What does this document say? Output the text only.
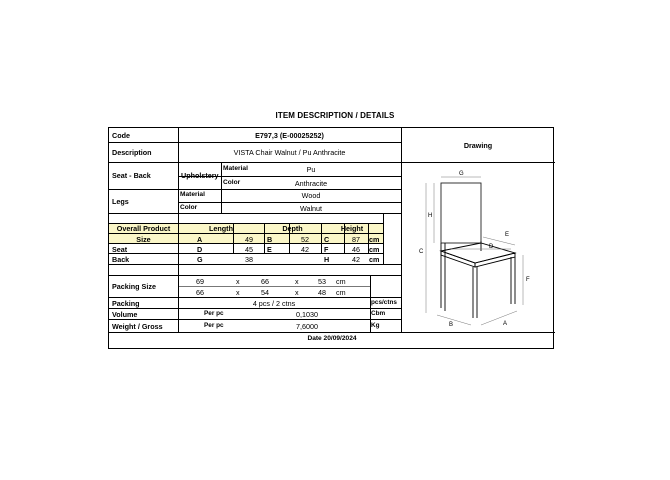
ITEM DESCRIPTION / DETAILS
Code	E797,3 (E-00025252)
Description	VISTA Chair Walnut / Pu Anthracite
Seat - Back	Upholstery
Material	Pu
Color	Anthracite
Legs
Material	Wood
Color	Walnut
Overall Product
Size
Length	Depth	Height
A	49	B	52	C	87	cm
Seat	D	45	E	42	F	46	cm
Back	G	38	H	42	cm
Packing Size
69	x	66	x	53 cm
66	x	54	x	48 cm
Packing	4 pcs / 2 ctns	pcs/ctns
Volume	Per pc	0,1030	Cbm
Weight / Gross	Per pc	7,6000	Kg
Date 20/09/2024
Drawing
G
H
C
E
D
F
B	A
